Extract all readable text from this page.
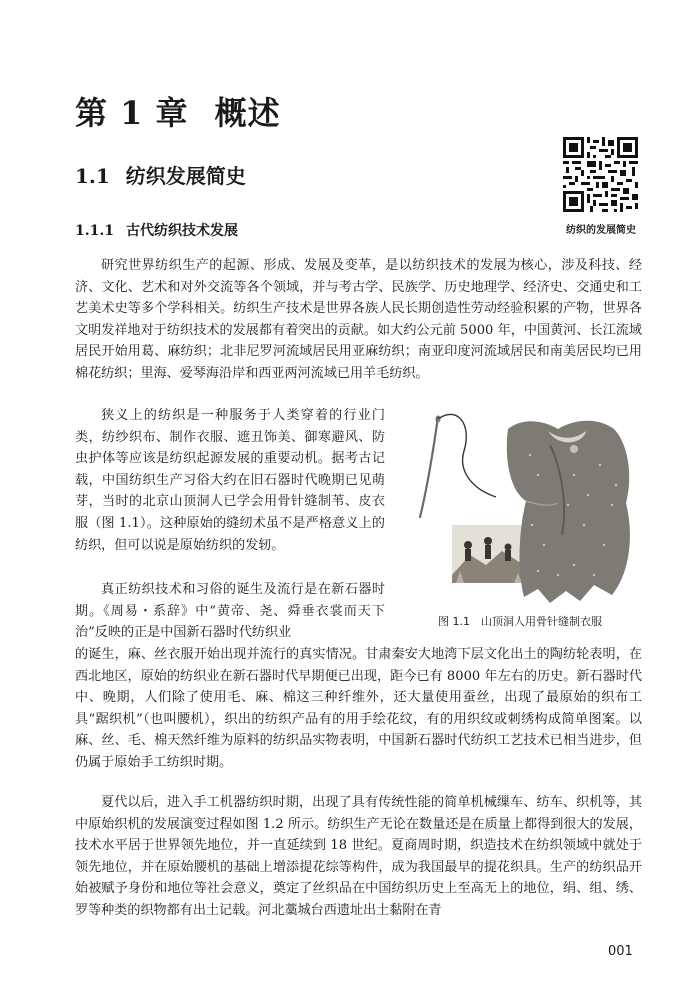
第 1 章 概述
1.1 纺织发展简史
1.1.1 古代纺织技术发展	纺织的发展简史

研究世界纺织生产的起源、形成、发展及变革，是以纺织技术的发展为核心，涉及科技、经济、文化、艺术和对外交流等各个领域，并与考古学、民族学、历史地理学、经济史、交通史和工艺美术史等多个学科相关。纺织生产技术是世界各族人民长期创造性劳动经验积累的产物，世界各文明发祥地对于纺织技术的发展都有着突出的贡献。如大约公元前 5000 年，中国黄河、长江流域居民开始用葛、麻纺织；北非尼罗河流域居民用亚麻纺织；南亚印度河流域居民和南美居民均已用棉花纺织；里海、爱琴海沿岸和西亚两河流域已用羊毛纺织。

狭义上的纺织是一种服务于人类穿着的行业门类，纺纱织布、制作衣服、遮丑饰美、御寒避风、防虫护体等应该是纺织起源发展的重要动机。据考古记载，中国纺织生产习俗大约在旧石器时代晚期已见萌芽，当时的北京山顶洞人已学会用骨针缝制苇、皮衣服（图 1.1）。这种原始的缝纫术虽不是严格意义上的纺织，但可以说是原始纺织的发轫。

真正纺织技术和习俗的诞生及流行是在新石器时期。《周易・系辞》中“黄帝、尧、舜垂衣裳而天下治”反映的正是中国新石器时代纺织业

的诞生，麻、丝衣服开始出现并流行的真实情况。甘肃秦安大地湾下层文化出土的陶纺轮表明，在西北地区，原始的纺织业在新石器时代早期便已出现，距今已有 8000 年左右的历史。新石器时代中、晚期，人们除了使用毛、麻、棉这三种纤维外，还大量使用蚕丝，出现了最原始的织布工具“踞织机”（也叫腰机），织出的纺织产品有的用手绘花纹，有的用织纹或刺绣构成简单图案。以麻、丝、毛、棉天然纤维为原料的纺织品实物表明，中国新石器时代纺织工艺技术已相当进步，但仍属于原始手工纺织时期。

夏代以后，进入手工机器纺织时期，出现了具有传统性能的简单机械缫车、纺车、织机等，其中原始织机的发展演变过程如图 1.2 所示。纺织生产无论在数量还是在质量上都得到很大的发展，技术水平居于世界领先地位，并一直延续到 18 世纪。夏商周时期，织造技术在纺织领域中就处于领先地位，并在原始腰机的基础上增添提花综等构件，成为我国最早的提花织具。生产的纺织品开始被赋予身份和地位等社会意义，奠定了丝织品在中国纺织历史上至高无上的地位，绢、组、绣、罗等种类的织物都有出土记载。河北藁城台西遗址出土黏附在青

图 1.1　山顶洞人用骨针缝制衣服
001
